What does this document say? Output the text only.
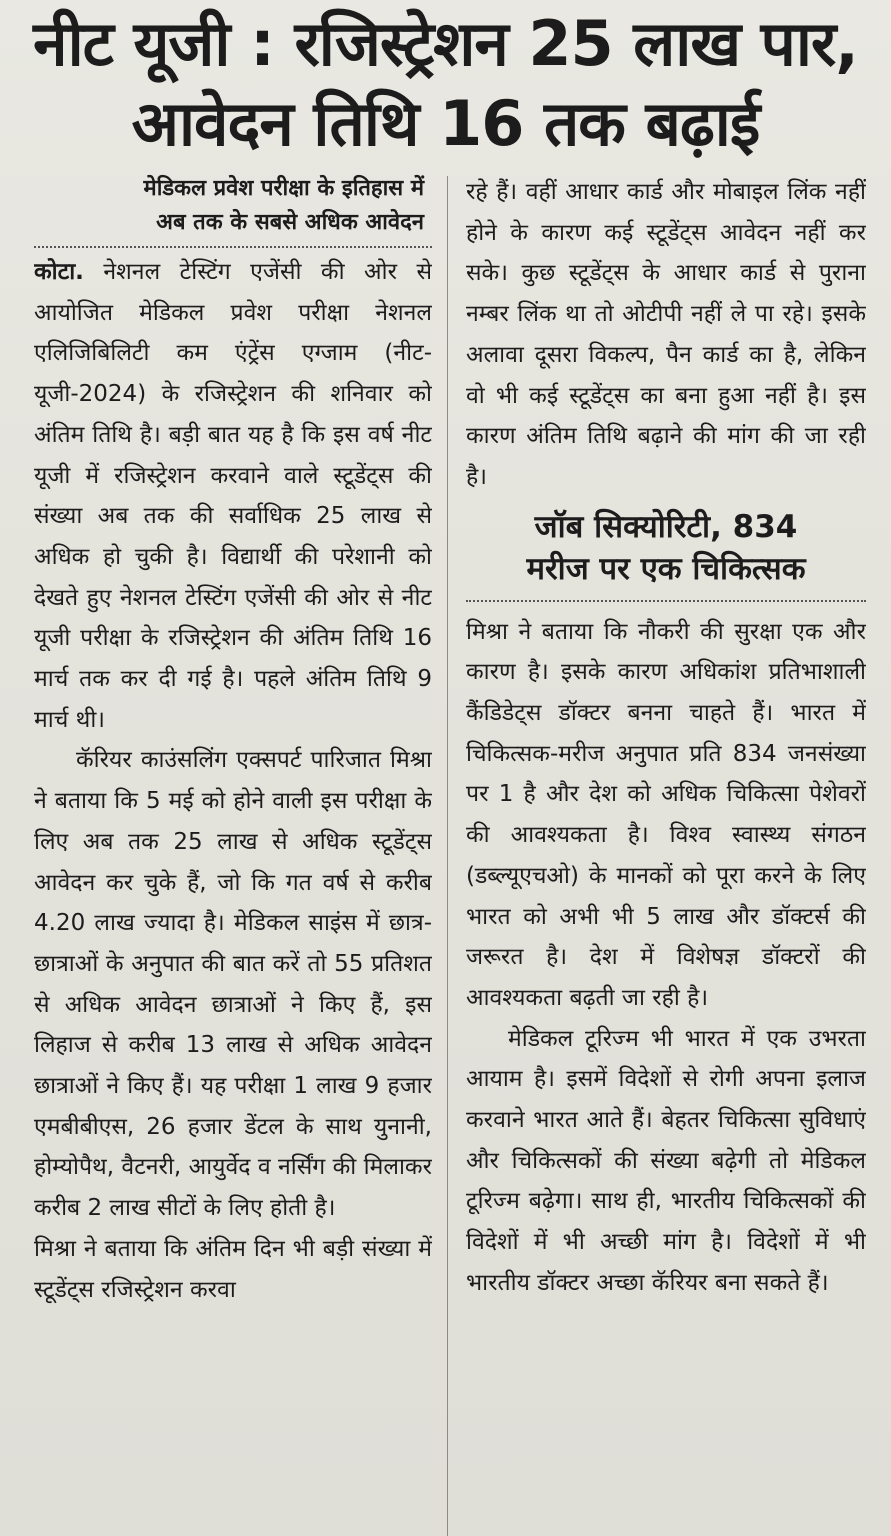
नीट यूजी : रजिस्ट्रेशन 25 लाख पार,
आवेदन तिथि 16 तक बढ़ाई
मेडिकल प्रवेश परीक्षा के इतिहास में
अब तक के सबसे अधिक आवेदन

कोटा. नेशनल टेस्टिंग एजेंसी की ओर से आयोजित मेडिकल प्रवेश परीक्षा नेशनल एलिजिबिलिटी कम एंट्रेंस एग्जाम (नीट-यूजी-2024) के रजिस्ट्रेशन की शनिवार को अंतिम तिथि है। बड़ी बात यह है कि इस वर्ष नीट यूजी में रजिस्ट्रेशन करवाने वाले स्टूडेंट्स की संख्या अब तक की सर्वाधिक 25 लाख से अधिक हो चुकी है। विद्यार्थी की परेशानी को देखते हुए नेशनल टेस्टिंग एजेंसी की ओर से नीट यूजी परीक्षा के रजिस्ट्रेशन की अंतिम तिथि 16 मार्च तक कर दी गई है। पहले अंतिम तिथि 9 मार्च थी।

कॅरियर काउंसलिंग एक्सपर्ट पारिजात मिश्रा ने बताया कि 5 मई को होने वाली इस परीक्षा के लिए अब तक 25 लाख से अधिक स्टूडेंट्स आवेदन कर चुके हैं, जो कि गत वर्ष से करीब 4.20 लाख ज्यादा है। मेडिकल साइंस में छात्र-छात्राओं के अनुपात की बात करें तो 55 प्रतिशत से अधिक आवेदन छात्राओं ने किए हैं, इस लिहाज से करीब 13 लाख से अधिक आवेदन छात्राओं ने किए हैं। यह परीक्षा 1 लाख 9 हजार एमबीबीएस, 26 हजार डेंटल के साथ युनानी, होम्योपैथ, वैटनरी, आयुर्वेद व नर्सिंग की मिलाकर करीब 2 लाख सीटों के लिए होती है।

मिश्रा ने बताया कि अंतिम दिन भी बड़ी संख्या में स्टूडेंट्स रजिस्ट्रेशन करवा

रहे हैं। वहीं आधार कार्ड और मोबाइल लिंक नहीं होने के कारण कई स्टूडेंट्स आवेदन नहीं कर सके। कुछ स्टूडेंट्स के आधार कार्ड से पुराना नम्बर लिंक था तो ओटीपी नहीं ले पा रहे। इसके अलावा दूसरा विकल्प, पैन कार्ड का है, लेकिन वो भी कई स्टूडेंट्स का बना हुआ नहीं है। इस कारण अंतिम तिथि बढ़ाने की मांग की जा रही है।

जॉब सिक्योरिटी, 834
मरीज पर एक चिकित्सक

मिश्रा ने बताया कि नौकरी की सुरक्षा एक और कारण है। इसके कारण अधिकांश प्रतिभाशाली कैंडिडेट्स डॉक्टर बनना चाहते हैं। भारत में चिकित्सक-मरीज अनुपात प्रति 834 जनसंख्या पर 1 है और देश को अधिक चिकित्सा पेशेवरों की आवश्यकता है। विश्व स्वास्थ्य संगठन (डब्ल्यूएचओ) के मानकों को पूरा करने के लिए भारत को अभी भी 5 लाख और डॉक्टर्स की जरूरत है। देश में विशेषज्ञ डॉक्टरों की आवश्यकता बढ़ती जा रही है।

मेडिकल टूरिज्म भी भारत में एक उभरता आयाम है। इसमें विदेशों से रोगी अपना इलाज करवाने भारत आते हैं। बेहतर चिकित्सा सुविधाएं और चिकित्सकों की संख्या बढ़ेगी तो मेडिकल टूरिज्म बढ़ेगा। साथ ही, भारतीय चिकित्सकों की विदेशों में भी अच्छी मांग है। विदेशों में भी भारतीय डॉक्टर अच्छा कॅरियर बना सकते हैं।
